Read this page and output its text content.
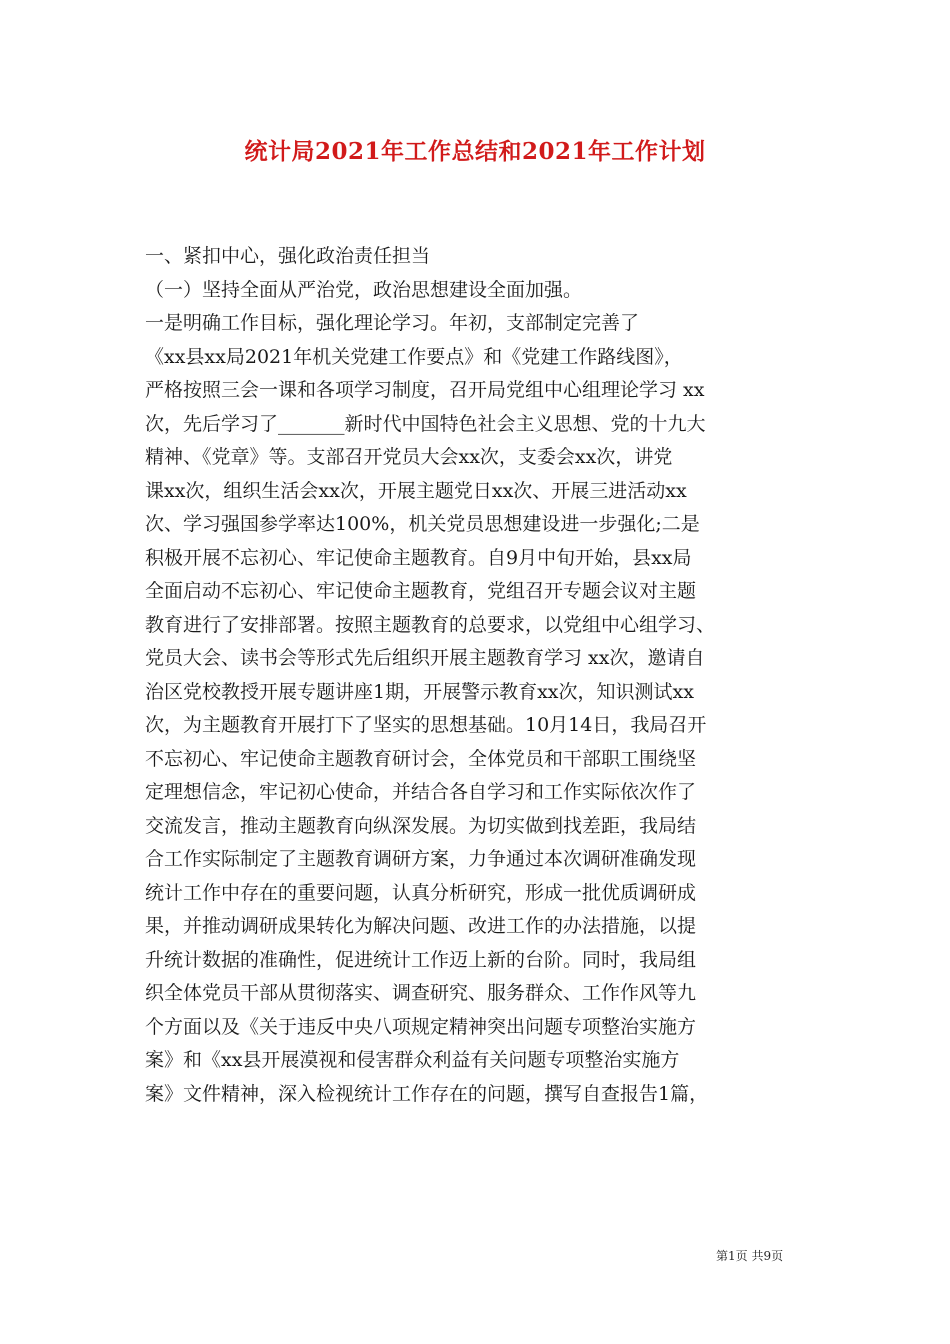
统计局2021年工作总结和2021年工作计划
一、紧扣中心，强化政治责任担当
（一）坚持全面从严治党，政治思想建设全面加强。
一是明确工作目标，强化理论学习。年初，支部制定完善了
《xx县xx局2021年机关党建工作要点》和《党建工作路线图》，
严格按照三会一课和各项学习制度，召开局党组中心组理论学习 xx
次，先后学习了_______新时代中国特色社会主义思想、党的十九大
精神、《党章》等。支部召开党员大会xx次，支委会xx次，讲党
课xx次，组织生活会xx次，开展主题党日xx次、开展三进活动xx
次、学习强国参学率达100%，机关党员思想建设进一步强化;二是
积极开展不忘初心、牢记使命主题教育。自9月中旬开始，县xx局
全面启动不忘初心、牢记使命主题教育，党组召开专题会议对主题
教育进行了安排部署。按照主题教育的总要求，以党组中心组学习、
党员大会、读书会等形式先后组织开展主题教育学习 xx次，邀请自
治区党校教授开展专题讲座1期，开展警示教育xx次，知识测试xx
次，为主题教育开展打下了坚实的思想基础。10月14日，我局召开
不忘初心、牢记使命主题教育研讨会，全体党员和干部职工围绕坚
定理想信念，牢记初心使命，并结合各自学习和工作实际依次作了
交流发言，推动主题教育向纵深发展。为切实做到找差距，我局结
合工作实际制定了主题教育调研方案，力争通过本次调研准确发现
统计工作中存在的重要问题，认真分析研究，形成一批优质调研成
果，并推动调研成果转化为解决问题、改进工作的办法措施，以提
升统计数据的准确性，促进统计工作迈上新的台阶。同时，我局组
织全体党员干部从贯彻落实、调查研究、服务群众、工作作风等九
个方面以及《关于违反中央八项规定精神突出问题专项整治实施方
案》和《xx县开展漠视和侵害群众利益有关问题专项整治实施方
案》文件精神，深入检视统计工作存在的问题，撰写自查报告1篇，
第1页 共9页
